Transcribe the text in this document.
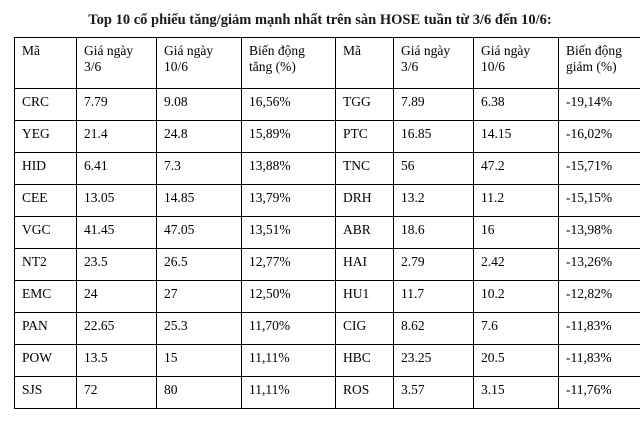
Top 10 cổ phiếu tăng/giảm mạnh nhất trên sàn HOSE tuần từ 3/6 đến 10/6:
Mã	Giá ngày 3/6	Giá ngày 10/6	Biến động tăng (%)	Mã	Giá ngày 3/6	Giá ngày 10/6	Biến động giảm (%)
CRC	7.79	9.08	16,56%	TGG	7.89	6.38	-19,14%
YEG	21.4	24.8	15,89%	PTC	16.85	14.15	-16,02%
HID	6.41	7.3	13,88%	TNC	56	47.2	-15,71%
CEE	13.05	14.85	13,79%	DRH	13.2	11.2	-15,15%
VGC	41.45	47.05	13,51%	ABR	18.6	16	-13,98%
NT2	23.5	26.5	12,77%	HAI	2.79	2.42	-13,26%
EMC	24	27	12,50%	HU1	11.7	10.2	-12,82%
PAN	22.65	25.3	11,70%	CIG	8.62	7.6	-11,83%
POW	13.5	15	11,11%	HBC	23.25	20.5	-11,83%
SJS	72	80	11,11%	ROS	3.57	3.15	-11,76%
